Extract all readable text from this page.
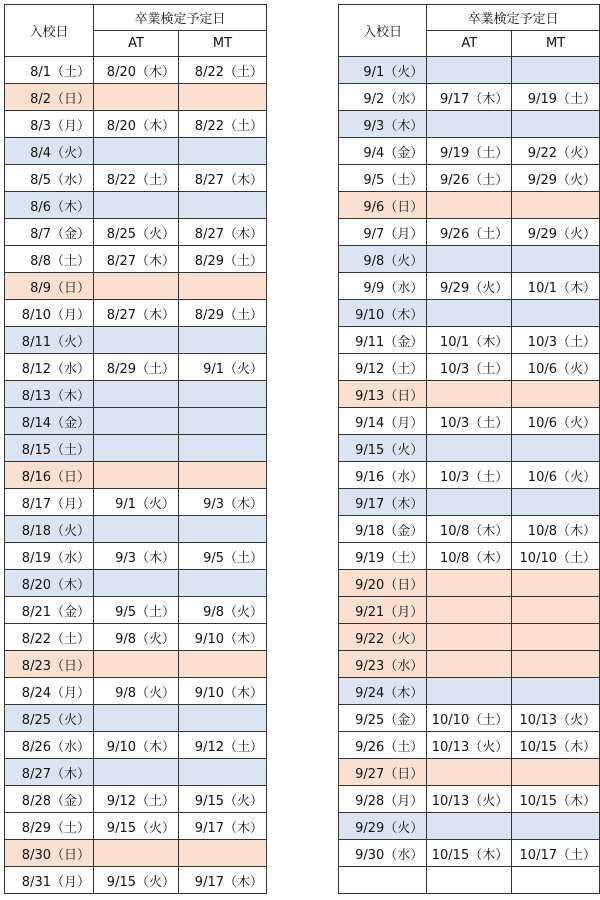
入校日	卒業検定予定日	
	AT	MT
8/1（土）	8/20（木）	8/22（土）
8/2（日）		
8/3（月）	8/20（木）	8/22（土）
8/4（火）		
8/5（水）	8/22（土）	8/27（木）
8/6（木）		
8/7（金）	8/25（火）	8/27（木）
8/8（土）	8/27（木）	8/29（土）
8/9（日）		
8/10（月）	8/27（木）	8/29（土）
8/11（火）		
8/12（水）	8/29（土）	9/1（火）
8/13（木）		
8/14（金）		
8/15（土）		
8/16（日）		
8/17（月）	9/1（火）	9/3（木）
8/18（火）		
8/19（水）	9/3（木）	9/5（土）
8/20（木）		
8/21（金）	9/5（土）	9/8（火）
8/22（土）	9/8（火）	9/10（木）
8/23（日）		
8/24（月）	9/8（火）	9/10（木）
8/25（火）		
8/26（水）	9/10（木）	9/12（土）
8/27（木）		
8/28（金）	9/12（土）	9/15（火）
8/29（土）	9/15（火）	9/17（木）
8/30（日）		
8/31（月）	9/15（火）	9/17（木）
入校日	卒業検定予定日	
	AT	MT
9/1（火）		
9/2（水）	9/17（木）	9/19（土）
9/3（木）		
9/4（金）	9/19（土）	9/22（火）
9/5（土）	9/26（土）	9/29（火）
9/6（日）		
9/7（月）	9/26（土）	9/29（火）
9/8（火）		
9/9（水）	9/29（火）	10/1（木）
9/10（木）		
9/11（金）	10/1（木）	10/3（土）
9/12（土）	10/3（土）	10/6（火）
9/13（日）		
9/14（月）	10/3（土）	10/6（火）
9/15（火）		
9/16（水）	10/3（土）	10/6（火）
9/17（木）		
9/18（金）	10/8（木）	10/8（木）
9/19（土）	10/8（木）	10/10（土）
9/20（日）		
9/21（月）		
9/22（火）		
9/23（水）		
9/24（木）		
9/25（金）	10/10（土）	10/13（火）
9/26（土）	10/13（火）	10/15（木）
9/27（日）		
9/28（月）	10/13（火）	10/15（木）
9/29（火）		
9/30（水）	10/15（木）	10/17（土）
